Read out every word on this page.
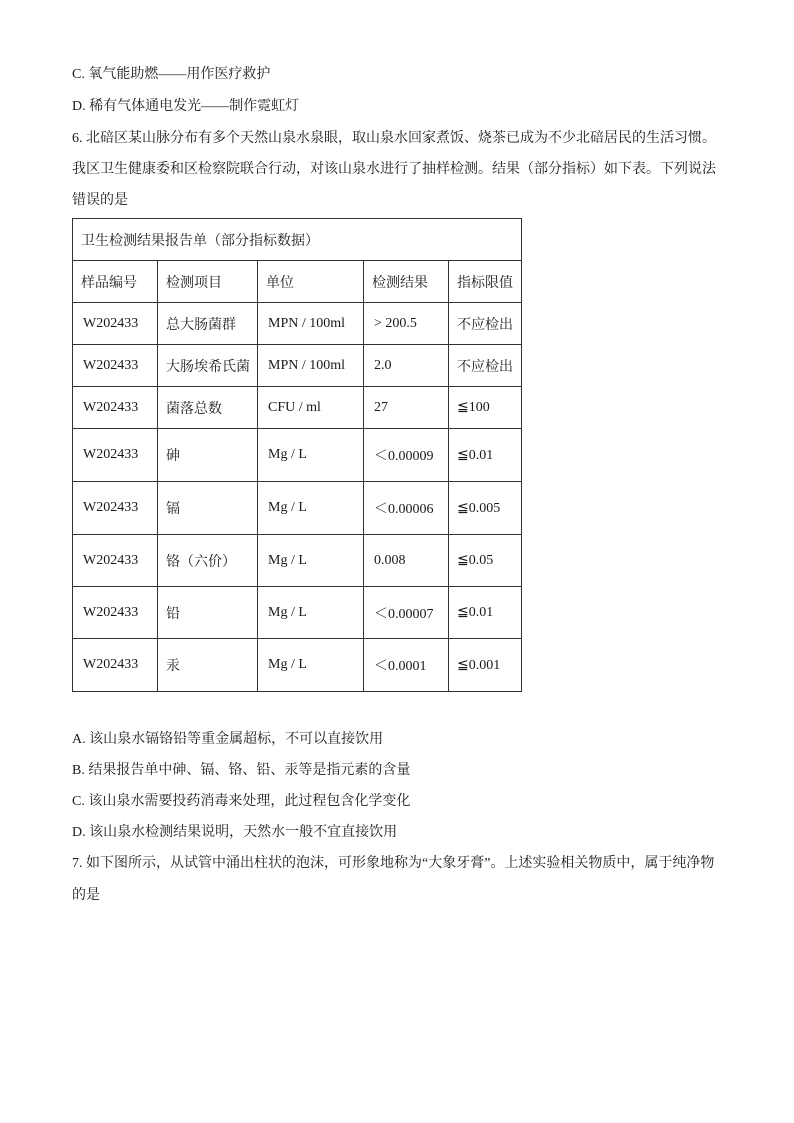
C. 氧气能助燃——用作医疗救护
D. 稀有气体通电发光——制作霓虹灯
6. 北碚区某山脉分布有多个天然山泉水泉眼，取山泉水回家煮饭、烧茶已成为不少北碚居民的生活习惯。
我区卫生健康委和区检察院联合行动，对该山泉水进行了抽样检测。结果（部分指标）如下表。下列说法
错误的是
卫生检测结果报告单（部分指标数据）				
样品编号	检测项目	单位	检测结果	指标限值
W202433	总大肠菌群	MPN / 100ml	> 200.5	不应检出
W202433	大肠埃希氏菌	MPN / 100ml	2.0	不应检出
W202433	菌落总数	CFU / ml	27	≦100
W202433	砷	Mg / L	＜0.00009	≦0.01
W202433	镉	Mg / L	＜0.00006	≦0.005
W202433	铬（六价）	Mg / L	0.008	≦0.05
W202433	铅	Mg / L	＜0.00007	≦0.01
W202433	汞	Mg / L	＜0.0001	≦0.001
A. 该山泉水镉铬铅等重金属超标，不可以直接饮用
B. 结果报告单中砷、镉、铬、铅、汞等是指元素的含量
C. 该山泉水需要投药消毒来处理，此过程包含化学变化
D. 该山泉水检测结果说明，天然水一般不宜直接饮用
7. 如下图所示，从试管中涌出柱状的泡沫，可形象地称为“大象牙膏”。上述实验相关物质中，属于纯净物
的是
